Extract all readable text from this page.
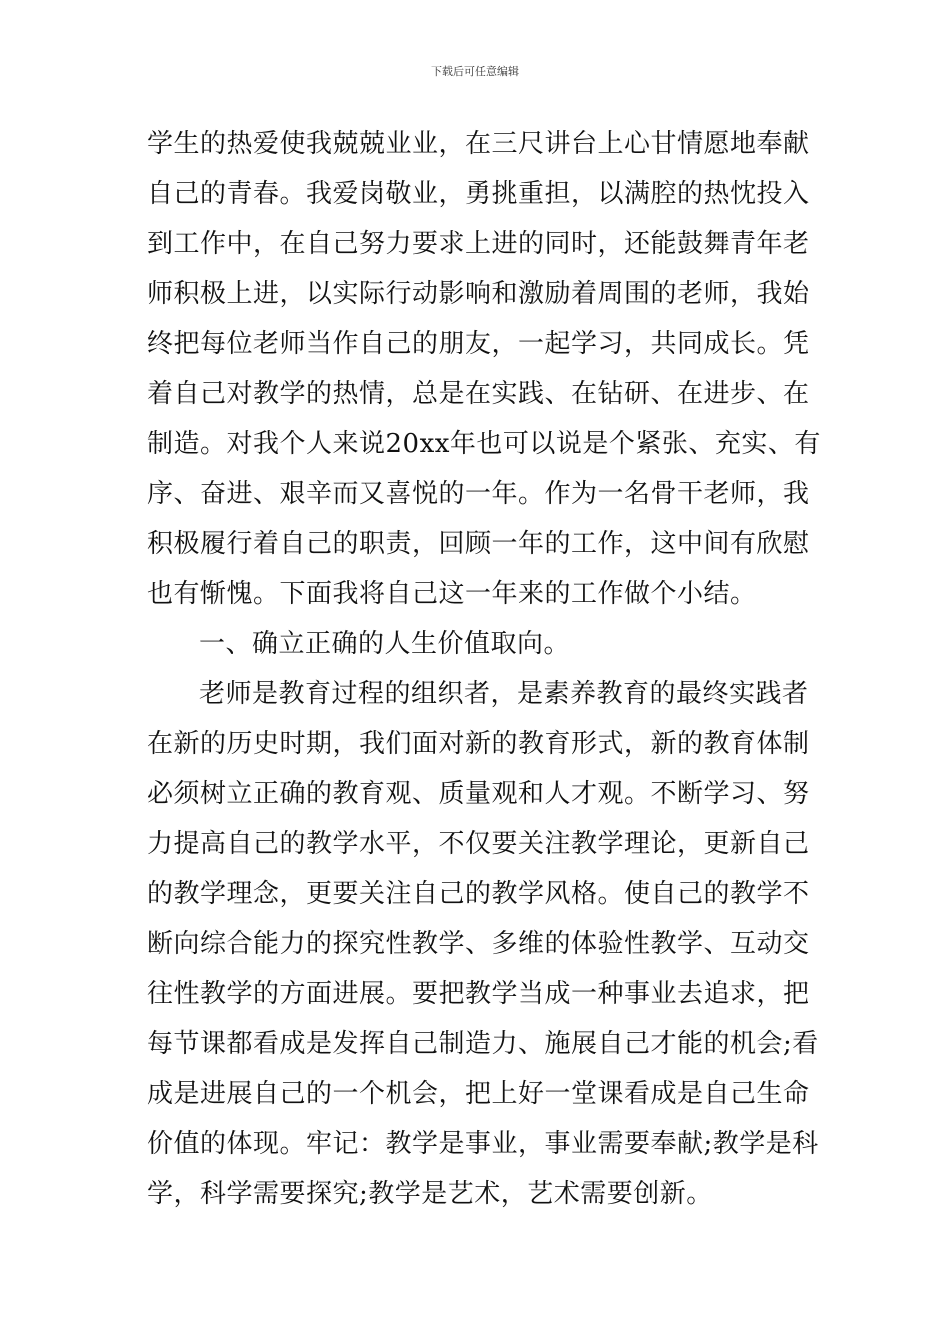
下载后可任意编辑
学生的热爱使我兢兢业业，在三尺讲台上心甘情愿地奉献
自己的青春。我爱岗敬业，勇挑重担，以满腔的热忱投入
到工作中，在自己努力要求上进的同时，还能鼓舞青年老
师积极上进，以实际行动影响和激励着周围的老师，我始
终把每位老师当作自己的朋友，一起学习，共同成长。凭
着自己对教学的热情，总是在实践、在钻研、在进步、在
制造。对我个人来说20xx年也可以说是个紧张、充实、有
序、奋进、艰辛而又喜悦的一年。作为一名骨干老师，我
积极履行着自己的职责，回顾一年的工作，这中间有欣慰
也有惭愧。下面我将自己这一年来的工作做个小结。
一、确立正确的人生价值取向。
老师是教育过程的组织者，是素养教育的最终实践者
在新的历史时期，我们面对新的教育形式，新的教育体制
必须树立正确的教育观、质量观和人才观。不断学习、努
力提高自己的教学水平，不仅要关注教学理论，更新自己
的教学理念，更要关注自己的教学风格。使自己的教学不
断向综合能力的探究性教学、多维的体验性教学、互动交
往性教学的方面进展。要把教学当成一种事业去追求，把
每节课都看成是发挥自己制造力、施展自己才能的机会;看
成是进展自己的一个机会，把上好一堂课看成是自己生命
价值的体现。牢记：教学是事业，事业需要奉献;教学是科
学，科学需要探究;教学是艺术，艺术需要创新。
